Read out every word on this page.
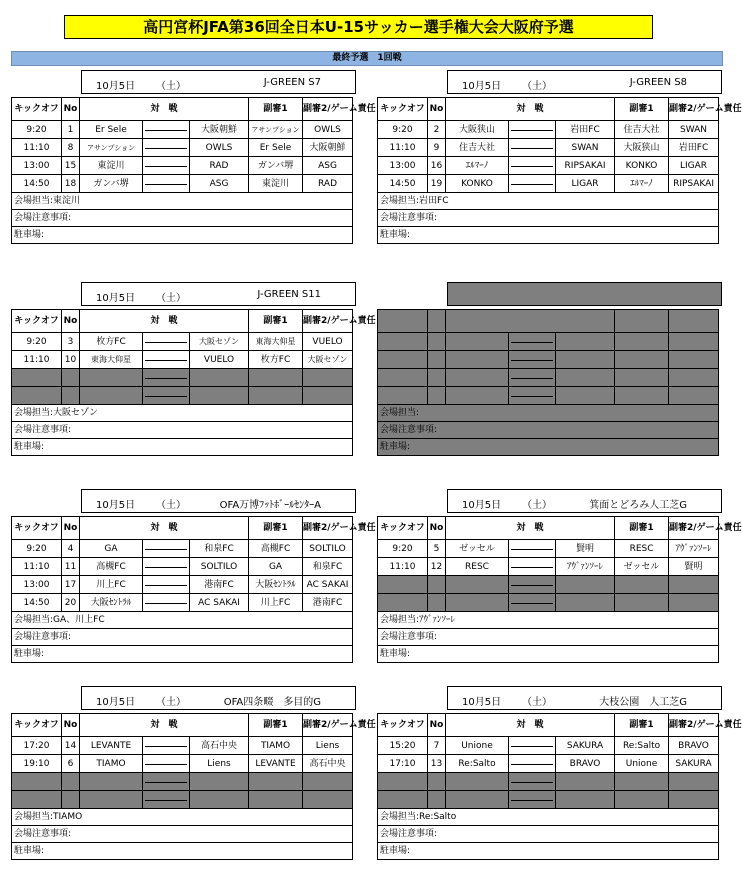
高円宮杯JFA第36回全日本U-15サッカー選手権大会大阪府予選
最終予選　1回戦
10月5日 （土）	J-GREEN S7
キックオフ	No	対　戦			副審1	副審2/ゲーム責任
9:20	1	Er Sele		大阪朝鮮	アサンプション	OWLS
11:10	8	アサンプション		OWLS	Er Sele	大阪朝鮮
13:00	15	東淀川		RAD	ガンバ堺	ASG
14:50	18	ガンバ堺		ASG	東淀川	RAD
会場担当:東淀川						
会場注意事項:						
駐車場:						
10月5日 （土）	J-GREEN S8
キックオフ	No	対　戦			副審1	副審2/ゲーム責任
9:20	2	大阪狭山		岩田FC	住吉大社	SWAN
11:10	9	住吉大社		SWAN	大阪狭山	岩田FC
13:00	16	ｴﾙﾏｰﾉ		RIPSAKAI	KONKO	LIGAR
14:50	19	KONKO		LIGAR	ｴﾙﾏｰﾉ	RIPSAKAI
会場担当:岩田FC						
会場注意事項:						
駐車場:						
10月5日 （土）	J-GREEN S11
キックオフ	No	対　戦			副審1	副審2/ゲーム責任
9:20	3	枚方FC		大阪セゾン	東海大仰星	VUELO
11:10	10	東海大仰星		VUELO	枚方FC	大阪セゾン

会場担当:大阪セゾン						
会場注意事項:						
駐車場:						

会場担当:						
会場注意事項:						
駐車場:						
10月5日 （土）	OFA万博ﾌｯﾄﾎﾞｰﾙｾﾝﾀｰA
キックオフ	No	対　戦			副審1	副審2/ゲーム責任
9:20	4	GA		和泉FC	高槻FC	SOLTILO
11:10	11	高槻FC		SOLTILO	GA	和泉FC
13:00	17	川上FC		港南FC	大阪ｾﾝﾄﾗﾙ	AC SAKAI
14:50	20	大阪ｾﾝﾄﾗﾙ		AC SAKAI	川上FC	港南FC
会場担当:GA、川上FC						
会場注意事項:						
駐車場:						
10月5日 （土）	箕面とどろみ人工芝G
キックオフ	No	対　戦			副審1	副審2/ゲーム責任
9:20	5	ゼッセル		賢明	RESC	ｱｳﾞｧﾝｿｰﾚ
11:10	12	RESC		ｱｳﾞｧﾝｿｰﾚ	ゼッセル	賢明

会場担当:ｱｳﾞｧﾝｿｰﾚ						
会場注意事項:						
駐車場:						
10月5日 （土）	OFA四条畷　多目的G
キックオフ	No	対　戦			副審1	副審2/ゲーム責任
17:20	14	LEVANTE		高石中央	TIAMO	Liens
19:10	6	TIAMO		Liens	LEVANTE	高石中央

会場担当:TIAMO						
会場注意事項:						
駐車場:						
10月5日 （土）	大枝公園　人工芝G
キックオフ	No	対　戦			副審1	副審2/ゲーム責任
15:20	7	Unione		SAKURA	Re:Salto	BRAVO
17:10	13	Re:Salto		BRAVO	Unione	SAKURA

会場担当:Re:Salto						
会場注意事項:						
駐車場:						
